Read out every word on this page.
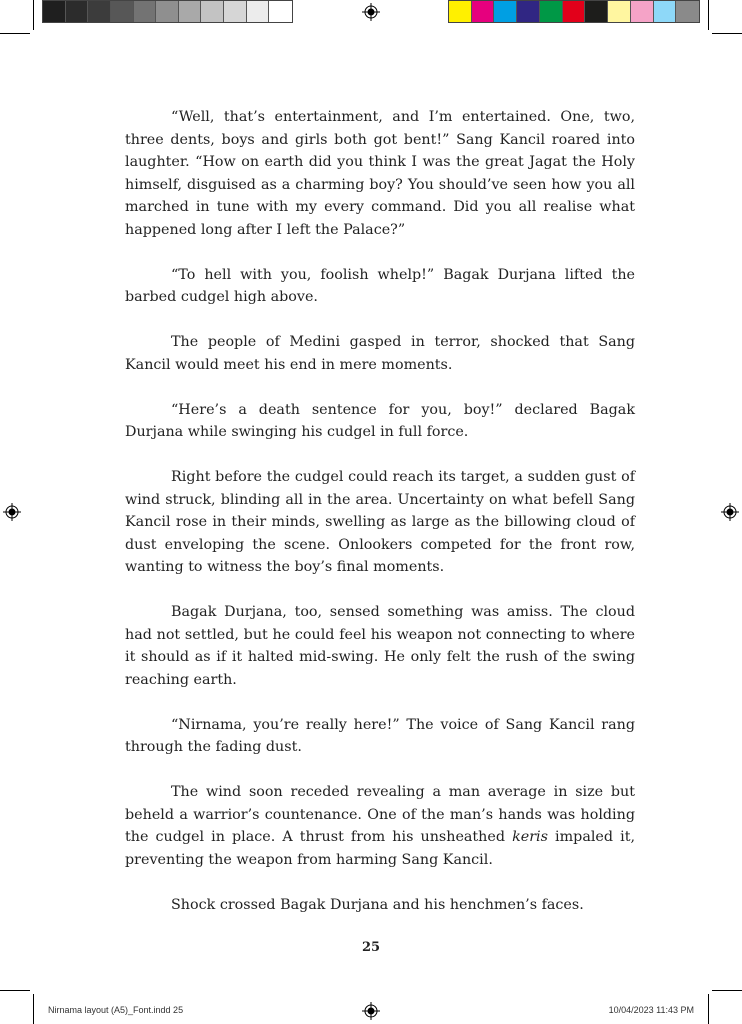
“Well, that’s entertainment, and I’m entertained. One, two, three dents, boys and girls both got bent!” Sang Kancil roared into laughter. “How on earth did you think I was the great Jagat the Holy himself, disguised as a charming boy? You should’ve seen how you all marched in tune with my every command. Did you all realise what happened long after I left the Palace?”

“To hell with you, foolish whelp!” Bagak Durjana lifted the barbed cudgel high above.

The people of Medini gasped in terror, shocked that Sang Kancil would meet his end in mere moments.

“Here’s a death sentence for you, boy!” declared Bagak Durjana while swinging his cudgel in full force.

Right before the cudgel could reach its target, a sudden gust of wind struck, blinding all in the area. Uncertainty on what befell Sang Kancil rose in their minds, swelling as large as the billowing cloud of dust enveloping the scene. Onlookers competed for the front row, wanting to witness the boy’s final moments.

Bagak Durjana, too, sensed something was amiss. The cloud had not settled, but he could feel his weapon not connecting to where it should as if it halted mid-swing. He only felt the rush of the swing reaching earth.

“Nirnama, you’re really here!” The voice of Sang Kancil rang through the fading dust.

The wind soon receded revealing a man average in size but beheld a warrior’s countenance. One of the man’s hands was holding the cudgel in place. A thrust from his unsheathed keris impaled it, preventing the weapon from harming Sang Kancil.

Shock crossed Bagak Durjana and his henchmen’s faces.

25
Nirnama layout (A5)_Font.indd 25	10/04/2023 11:43 PM
